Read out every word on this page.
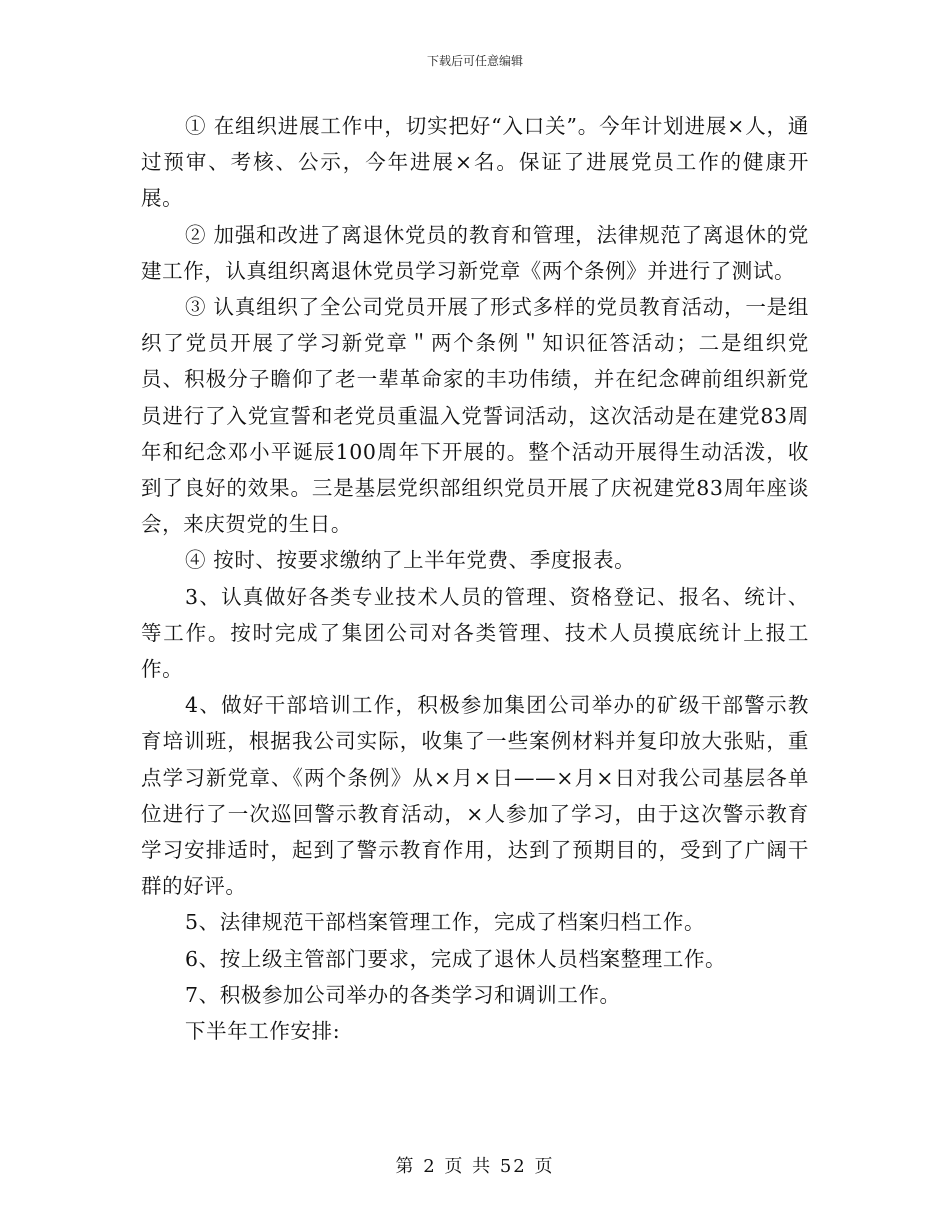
下载后可任意编辑

① 在组织进展工作中，切实把好“入口关”。今年计划进展×人，通过预审、考核、公示，今年进展×名。保证了进展党员工作的健康开展。

② 加强和改进了离退休党员的教育和管理，法律规范了离退休的党建工作，认真组织离退休党员学习新党章《两个条例》并进行了测试。

③ 认真组织了全公司党员开展了形式多样的党员教育活动，一是组织了党员开展了学习新党章＂两个条例＂知识征答活动；二是组织党员、积极分子瞻仰了老一辈革命家的丰功伟绩，并在纪念碑前组织新党员进行了入党宣誓和老党员重温入党誓词活动，这次活动是在建党83周年和纪念邓小平诞辰100周年下开展的。整个活动开展得生动活泼，收到了良好的效果。三是基层党织部组织党员开展了庆祝建党83周年座谈会，来庆贺党的生日。

④ 按时、按要求缴纳了上半年党费、季度报表。

3、认真做好各类专业技术人员的管理、资格登记、报名、统计、等工作。按时完成了集团公司对各类管理、技术人员摸底统计上报工作。

4、做好干部培训工作，积极参加集团公司举办的矿级干部警示教育培训班，根据我公司实际，收集了一些案例材料并复印放大张贴，重点学习新党章、《两个条例》从×月×日——×月×日对我公司基层各单位进行了一次巡回警示教育活动，×人参加了学习，由于这次警示教育学习安排适时，起到了警示教育作用，达到了预期目的，受到了广阔干群的好评。

5、法律规范干部档案管理工作，完成了档案归档工作。

6、按上级主管部门要求，完成了退休人员档案整理工作。

7、积极参加公司举办的各类学习和调训工作。

下半年工作安排:

第 2 页 共 52 页
